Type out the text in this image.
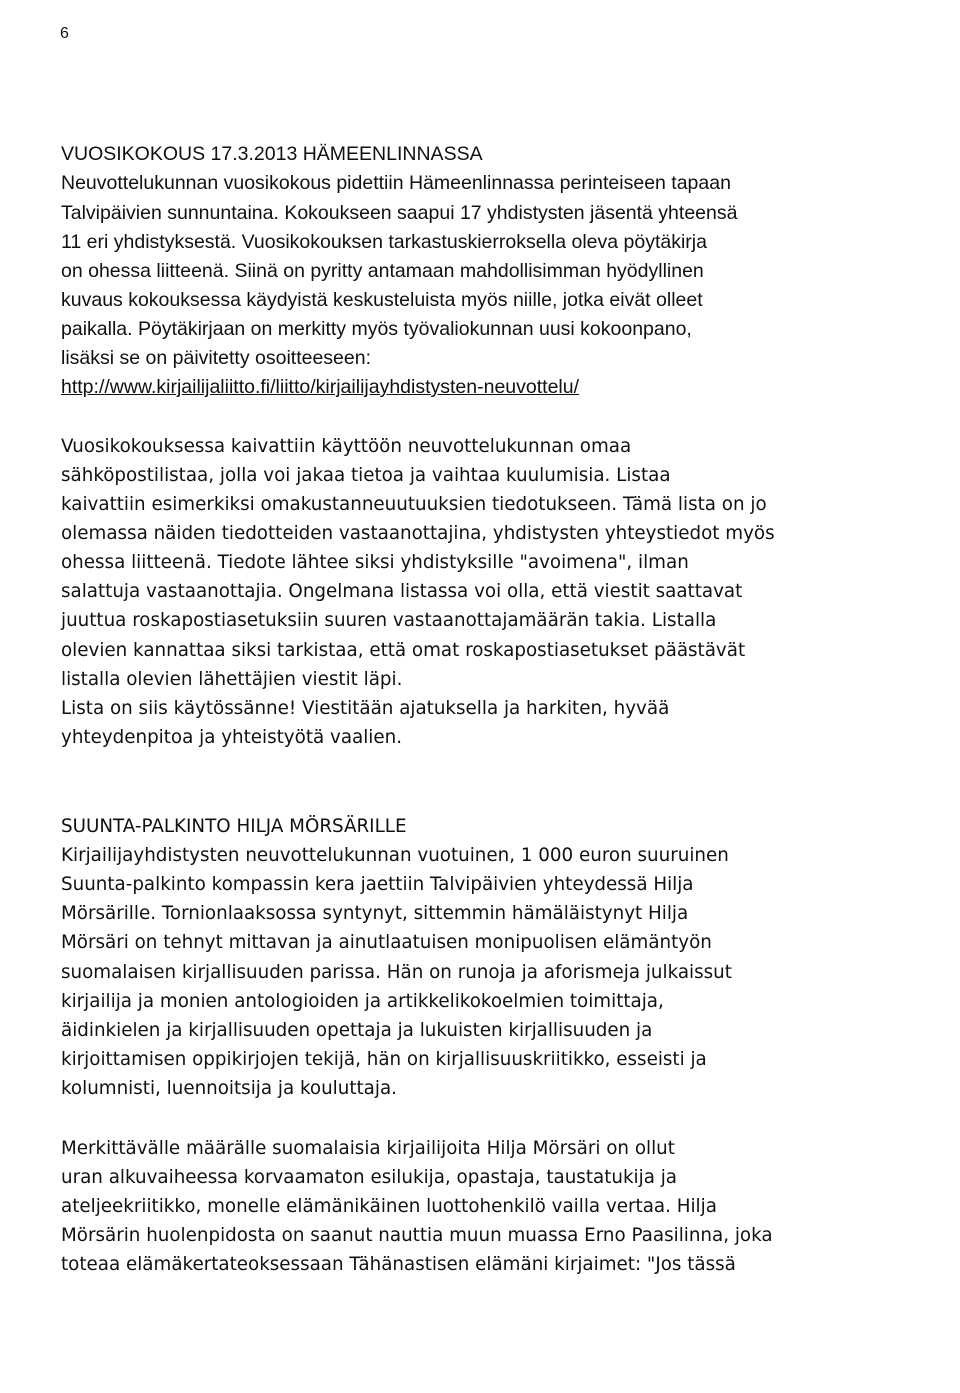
6
VUOSIKOKOUS 17.3.2013 HÄMEENLINNASSA
Neuvottelukunnan vuosikokous pidettiin Hämeenlinnassa perinteiseen tapaan
Talvipäivien sunnuntaina. Kokoukseen saapui 17 yhdistysten jäsentä yhteensä
11 eri yhdistyksestä. Vuosikokouksen tarkastuskierroksella oleva pöytäkirja
on ohessa liitteenä. Siinä on pyritty antamaan mahdollisimman hyödyllinen
kuvaus kokouksessa käydyistä keskusteluista myös niille, jotka eivät olleet
paikalla. Pöytäkirjaan on merkitty myös työvaliokunnan uusi kokoonpano,
lisäksi se on päivitetty osoitteeseen:
http://www.kirjailijaliitto.fi/liitto/kirjailijayhdistysten-neuvottelu/
Vuosikokouksessa kaivattiin käyttöön neuvottelukunnan omaa
sähköpostilistaa, jolla voi jakaa tietoa ja vaihtaa kuulumisia. Listaa
kaivattiin esimerkiksi omakustanneuutuuksien tiedotukseen. Tämä lista on jo
olemassa näiden tiedotteiden vastaanottajina, yhdistysten yhteystiedot myös
ohessa liitteenä. Tiedote lähtee siksi yhdistyksille "avoimena", ilman
salattuja vastaanottajia. Ongelmana listassa voi olla, että viestit saattavat
juuttua roskapostiasetuksiin suuren vastaanottajamäärän takia. Listalla
olevien kannattaa siksi tarkistaa, että omat roskapostiasetukset päästävät
listalla olevien lähettäjien viestit läpi.
Lista on siis käytössänne! Viestitään ajatuksella ja harkiten, hyvää
yhteydenpitoa ja yhteistyötä vaalien.
SUUNTA-PALKINTO HILJA MÖRSÄRILLE
Kirjailijayhdistysten neuvottelukunnan vuotuinen, 1 000 euron suuruinen
Suunta-palkinto kompassin kera jaettiin Talvipäivien yhteydessä Hilja
Mörsärille. Tornionlaaksossa syntynyt, sittemmin hämäläistynyt Hilja
Mörsäri on tehnyt mittavan ja ainutlaatuisen monipuolisen elämäntyön
suomalaisen kirjallisuuden parissa. Hän on runoja ja aforismeja julkaissut
kirjailija ja monien antologioiden ja artikkelikokoelmien toimittaja,
äidinkielen ja kirjallisuuden opettaja ja lukuisten kirjallisuuden ja
kirjoittamisen oppikirjojen tekijä, hän on kirjallisuuskriitikko, esseisti ja
kolumnisti, luennoitsija ja kouluttaja.
Merkittävälle määrälle suomalaisia kirjailijoita Hilja Mörsäri on ollut
uran alkuvaiheessa korvaamaton esilukija, opastaja, taustatukija ja
ateljeekriitikko, monelle elämänikäinen luottohenkilö vailla vertaa. Hilja
Mörsärin huolenpidosta on saanut nauttia muun muassa Erno Paasilinna, joka
toteaa elämäkertateoksessaan Tähänastisen elämäni kirjaimet: "Jos tässä
